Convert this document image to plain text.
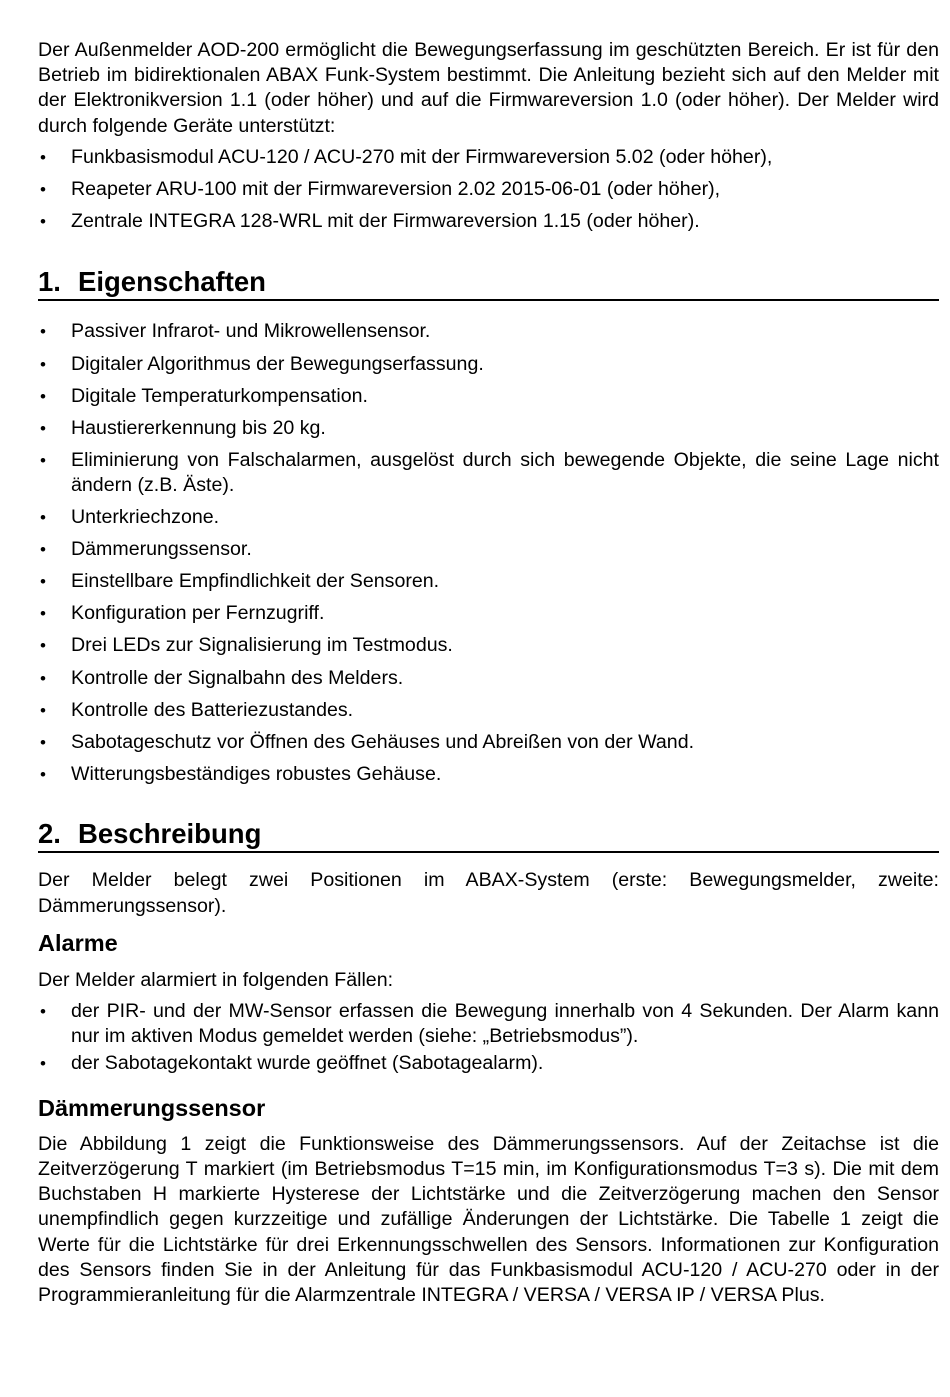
Der Außenmelder AOD-200 ermöglicht die Bewegungserfassung im geschützten Bereich. Er ist für den Betrieb im bidirektionalen ABAX Funk-System bestimmt. Die Anleitung bezieht sich auf den Melder mit der Elektronikversion 1.1 (oder höher) und auf die Firmwareversion 1.0 (oder höher). Der Melder wird durch folgende Geräte unterstützt:

• Funkbasismodul ACU-120 / ACU-270 mit der Firmwareversion 5.02 (oder höher),
• Reapeter ARU-100 mit der Firmwareversion 2.02 2015-06-01 (oder höher),
• Zentrale INTEGRA 128-WRL mit der Firmwareversion 1.15 (oder höher).
1. Eigenschaften
• Passiver Infrarot- und Mikrowellensensor.
• Digitaler Algorithmus der Bewegungserfassung.
• Digitale Temperaturkompensation.
• Haustiererkennung bis 20 kg.
• Eliminierung von Falschalarmen, ausgelöst durch sich bewegende Objekte, die seine Lage nicht ändern (z.B. Äste).
• Unterkriechzone.
• Dämmerungssensor.
• Einstellbare Empfindlichkeit der Sensoren.
• Konfiguration per Fernzugriff.
• Drei LEDs zur Signalisierung im Testmodus.
• Kontrolle der Signalbahn des Melders.
• Kontrolle des Batteriezustandes.
• Sabotageschutz vor Öffnen des Gehäuses und Abreißen von der Wand.
• Witterungsbeständiges robustes Gehäuse.
2. Beschreibung

Der Melder belegt zwei Positionen im ABAX-System (erste: Bewegungsmelder, zweite: Dämmerungssensor).

Alarme

Der Melder alarmiert in folgenden Fällen:

• der PIR- und der MW-Sensor erfassen die Bewegung innerhalb von 4 Sekunden. Der Alarm kann nur im aktiven Modus gemeldet werden (siehe: „Betriebsmodus”).
• der Sabotagekontakt wurde geöffnet (Sabotagealarm).
Dämmerungssensor

Die Abbildung 1 zeigt die Funktionsweise des Dämmerungssensors. Auf der Zeitachse ist die Zeitverzögerung T markiert (im Betriebsmodus T=15 min, im Konfigurationsmodus T=3 s). Die mit dem Buchstaben H markierte Hysterese der Lichtstärke und die Zeitverzögerung machen den Sensor unempfindlich gegen kurzzeitige und zufällige Änderungen der Lichtstärke. Die Tabelle 1 zeigt die Werte für die Lichtstärke für drei Erkennungsschwellen des Sensors. Informationen zur Konfiguration des Sensors finden Sie in der Anleitung für das Funkbasismodul ACU-120 / ACU-270 oder in der Programmieranleitung für die Alarmzentrale INTEGRA / VERSA / VERSA IP / VERSA Plus.
